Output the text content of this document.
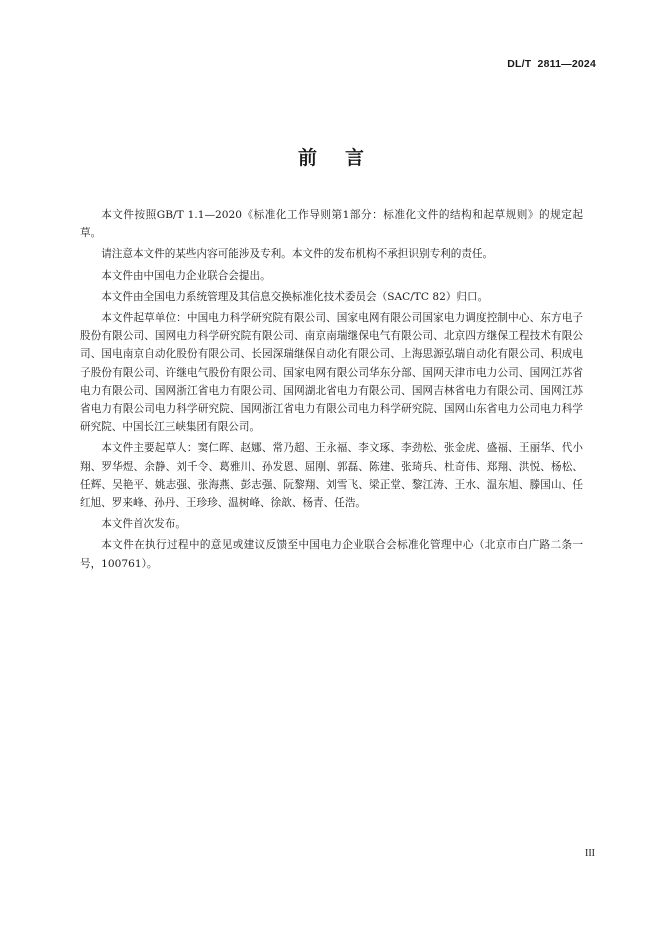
DL/T  2811—2024
前言

本文件按照GB/T 1.1—2020《标准化工作导则第1部分：标准化文件的结构和起草规则》的规定起草。

请注意本文件的某些内容可能涉及专利。本文件的发布机构不承担识别专利的责任。

本文件由中国电力企业联合会提出。

本文件由全国电力系统管理及其信息交换标准化技术委员会（SAC/TC 82）归口。

本文件起草单位：中国电力科学研究院有限公司、国家电网有限公司国家电力调度控制中心、东方电子股份有限公司、国网电力科学研究院有限公司、南京南瑞继保电气有限公司、北京四方继保工程技术有限公司、国电南京自动化股份有限公司、长园深瑞继保自动化有限公司、上海思源弘瑞自动化有限公司、积成电子股份有限公司、许继电气股份有限公司、国家电网有限公司华东分部、国网天津市电力公司、国网江苏省电力有限公司、国网浙江省电力有限公司、国网湖北省电力有限公司、国网吉林省电力有限公司、国网江苏省电力有限公司电力科学研究院、国网浙江省电力有限公司电力科学研究院、国网山东省电力公司电力科学研究院、中国长江三峡集团有限公司。

本文件主要起草人：窦仁晖、赵娜、常乃超、王永福、李文琢、李劲松、张金虎、盛福、王丽华、代小翔、罗华煜、余静、刘千令、葛雅川、孙发恩、屈刚、郭磊、陈建、张琦兵、杜奇伟、郑翔、洪悦、杨松、任辉、吴艳平、姚志强、张海燕、彭志强、阮黎翔、刘雪飞、梁正堂、黎江涛、王水、温东旭、滕国山、任红旭、罗来峰、孙丹、王珍珍、温树峰、徐歆、杨青、任浩。

本文件首次发布。

本文件在执行过程中的意见或建议反馈至中国电力企业联合会标准化管理中心（北京市白广路二条一号，100761）。

III
